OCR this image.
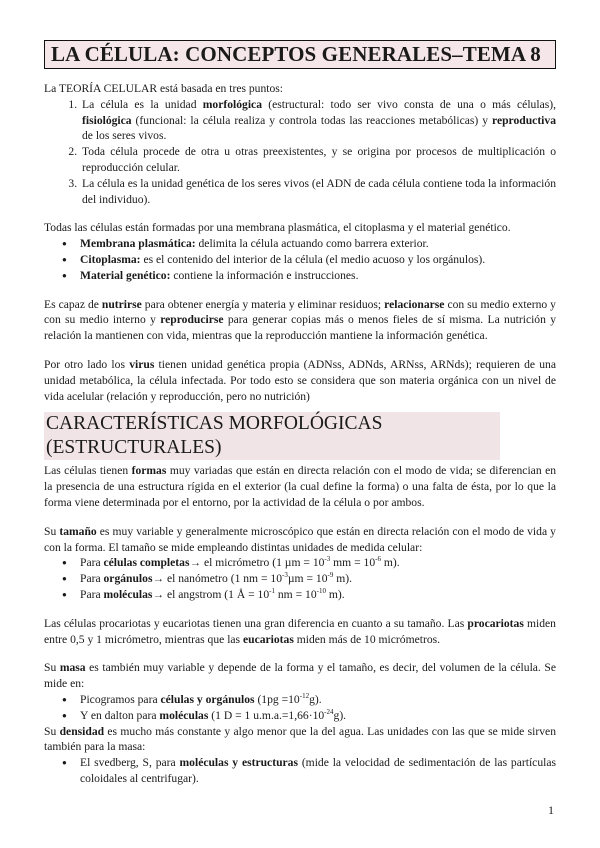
LA CÉLULA: CONCEPTOS GENERALES–TEMA 8

La TEORÍA CELULAR está basada en tres puntos:

1. La célula es la unidad morfológica (estructural: todo ser vivo consta de una o más células), fisiológica (funcional: la célula realiza y controla todas las reacciones metabólicas) y reproductiva de los seres vivos.
2. Toda célula procede de otra u otras preexistentes, y se origina por procesos de multiplicación o reproducción celular.
3. La célula es la unidad genética de los seres vivos (el ADN de cada célula contiene toda la información del individuo).

Todas las células están formadas por una membrana plasmática, el citoplasma y el material genético.

● Membrana plasmática: delimita la célula actuando como barrera exterior.
● Citoplasma: es el contenido del interior de la célula (el medio acuoso y los orgánulos).
● Material genético: contiene la información e instrucciones.

Es capaz de nutrirse para obtener energía y materia y eliminar residuos; relacionarse con su medio externo y con su medio interno y reproducirse para generar copias más o menos fieles de sí misma. La nutrición y relación la mantienen con vida, mientras que la reproducción mantiene la información genética.

Por otro lado los virus tienen unidad genética propia (ADNss, ADNds, ARNss, ARNds); requieren de una unidad metabólica, la célula infectada. Por todo esto se considera que son materia orgánica con un nivel de vida acelular (relación y reproducción, pero no nutrición)

CARACTERÍSTICAS MORFOLÓGICAS (ESTRUCTURALES)

Las células tienen formas muy variadas que están en directa relación con el modo de vida; se diferencian en la presencia de una estructura rígida en el exterior (la cual define la forma) o una falta de ésta, por lo que la forma viene determinada por el entorno, por la actividad de la célula o por ambos.

Su tamaño es muy variable y generalmente microscópico que están en directa relación con el modo de vida y con la forma. El tamaño se mide empleando distintas unidades de medida celular:

● Para células completas→ el micrómetro (1 $\mu m = 10^{-3}$ mm = $10^{-6}$ m).
● Para orgánulos→ el nanómetro (1 nm = $10^{-3}\mu m = 10^{-9}$ m).
● Para moléculas→ el angstrom (1 Å = $10^{-1}$ nm = $10^{-10}$ m).

Las células procariotas y eucariotas tienen una gran diferencia en cuanto a su tamaño. Las procariotas miden entre 0,5 y 1 micrómetro, mientras que las eucariotas miden más de 10 micrómetros.

Su masa es también muy variable y depende de la forma y el tamaño, es decir, del volumen de la célula. Se mide en:

● Picogramos para células y orgánulos $(1pg =10^{-12}g)$.
● Y en dalton para moléculas (1 D = 1 $u.m.a.=1,66\cdot 10^{-24}g$).

Su densidad es mucho más constante y algo menor que la del agua. Las unidades con las que se mide sirven también para la masa:

● El svedberg, S, para moléculas y estructuras (mide la velocidad de sedimentación de las partículas coloidales al centrifugar).
1
